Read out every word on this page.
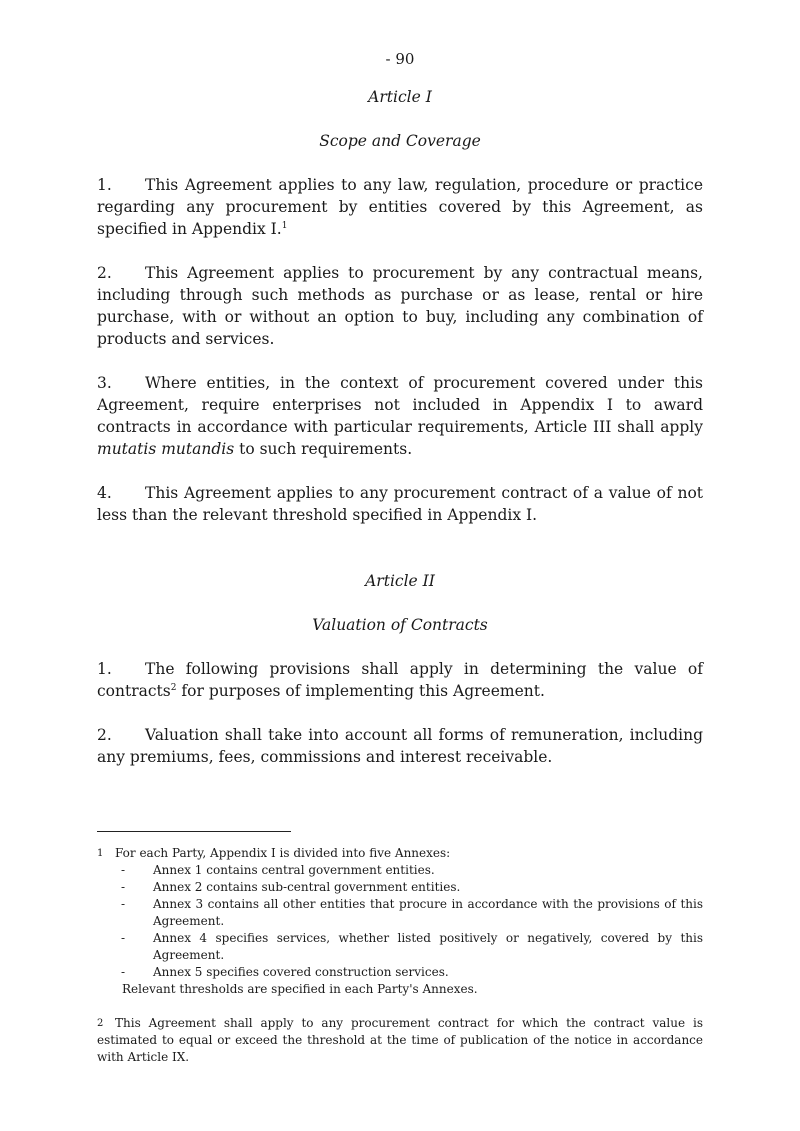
- 90

Article I

Scope and Coverage

1. This Agreement applies to any law, regulation, procedure or practice regarding any procurement by entities covered by this Agreement, as specified in Appendix I.$^1$

2. This Agreement applies to procurement by any contractual means, including through such methods as purchase or as lease, rental or hire purchase, with or without an option to buy, including any combination of products and services.

3. Where entities, in the context of procurement covered under this Agreement, require enterprises not included in Appendix I to award contracts in accordance with particular requirements, Article III shall apply mutatis mutandis to such requirements.

4. This Agreement applies to any procurement contract of a value of not less than the relevant threshold specified in Appendix I.

Article II

Valuation of Contracts

1. The following provisions shall apply in determining the value of contracts$^2$ for purposes of implementing this Agreement.

2. Valuation shall take into account all forms of remuneration, including any premiums, fees, commissions and interest receivable.

1 For each Party, Appendix I is divided into five Annexes:
- Annex 1 contains central government entities.
- Annex 2 contains sub-central government entities.
- Annex 3 contains all other entities that procure in accordance with the provisions of this Agreement.
- Annex 4 specifies services, whether listed positively or negatively, covered by this Agreement.
- Annex 5 specifies covered construction services.
Relevant thresholds are specified in each Party's Annexes.
2 This Agreement shall apply to any procurement contract for which the contract value is estimated to equal or exceed the threshold at the time of publication of the notice in accordance with Article IX.
